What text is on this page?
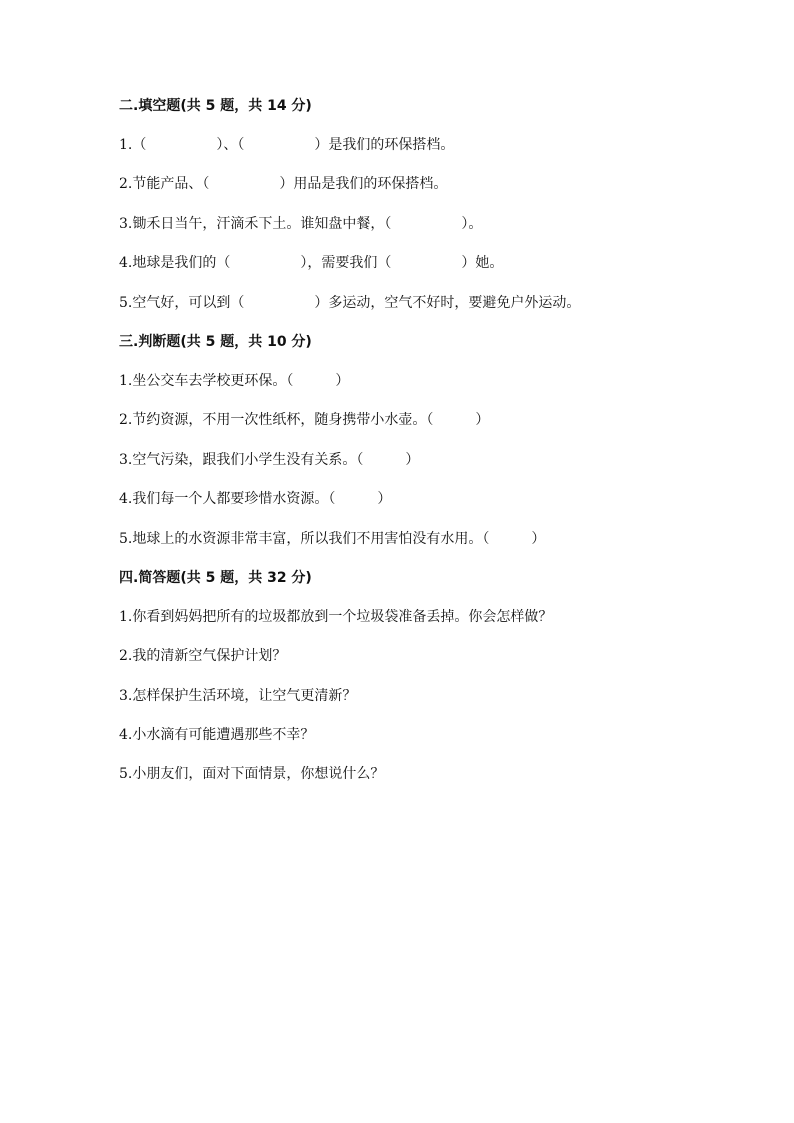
二.填空题(共 5 题，共 14 分)
1.（　　　　　）、（　　　　　）是我们的环保搭档。
2.节能产品、（　　　　　）用品是我们的环保搭档。
3.锄禾日当午，汗滴禾下土。谁知盘中餐，（　　　　　）。
4.地球是我们的（　　　　　），需要我们（　　　　　）她。
5.空气好，可以到（　　　　　）多运动，空气不好时，要避免户外运动。
三.判断题(共 5 题，共 10 分)
1.坐公交车去学校更环保。（　　　）
2.节约资源，不用一次性纸杯，随身携带小水壶。（　　　）
3.空气污染，跟我们小学生没有关系。（　　　）
4.我们每一个人都要珍惜水资源。（　　　）
5.地球上的水资源非常丰富，所以我们不用害怕没有水用。（　　　）
四.简答题(共 5 题，共 32 分)
1.你看到妈妈把所有的垃圾都放到一个垃圾袋准备丢掉。你会怎样做？
2.我的清新空气保护计划？
3.怎样保护生活环境，让空气更清新？
4.小水滴有可能遭遇那些不幸？
5.小朋友们，面对下面情景，你想说什么？
